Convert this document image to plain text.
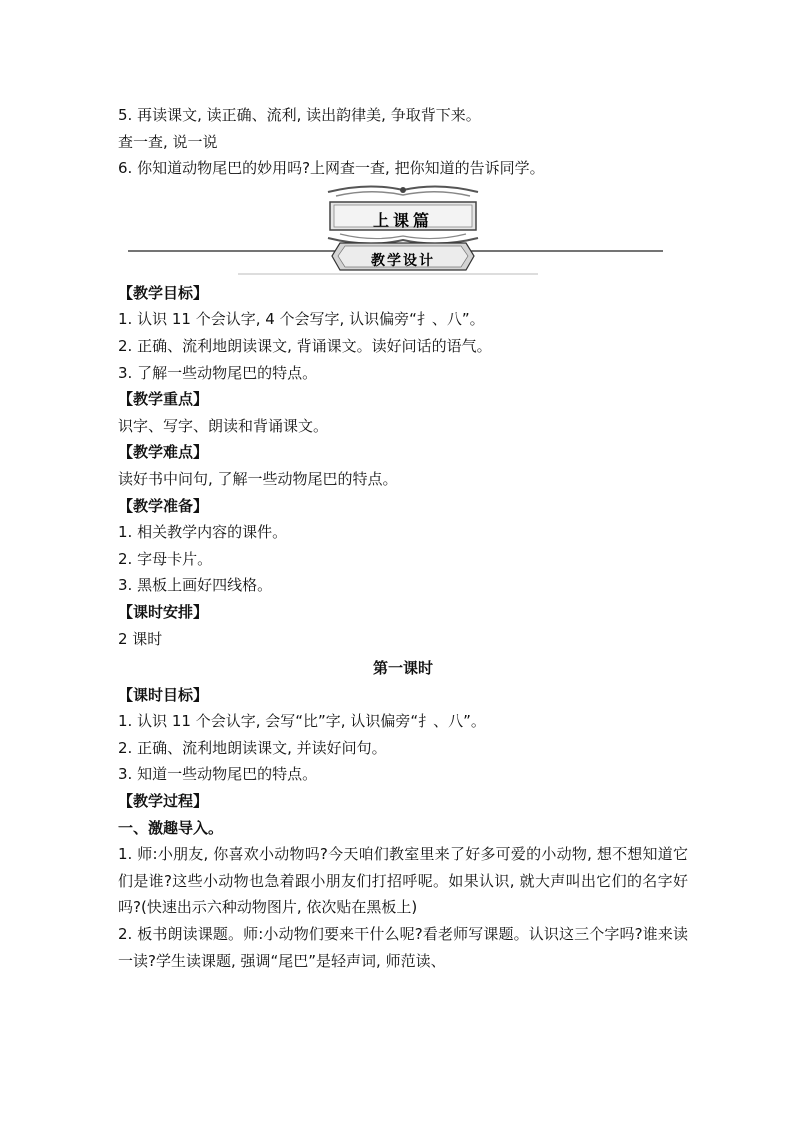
5. 再读课文, 读正确、流利, 读出韵律美, 争取背下来。

查一查, 说一说

6. 你知道动物尾巴的妙用吗?上网查一查, 把你知道的告诉同学。

上课篇
教学设计

【教学目标】

1. 认识 11 个会认字, 4 个会写字, 认识偏旁“扌、八”。

2. 正确、流利地朗读课文, 背诵课文。读好问话的语气。

3. 了解一些动物尾巴的特点。

【教学重点】

识字、写字、朗读和背诵课文。

【教学难点】

读好书中问句, 了解一些动物尾巴的特点。

【教学准备】

1. 相关教学内容的课件。

2. 字母卡片。

3. 黑板上画好四线格。

【课时安排】

2 课时

第一课时

【课时目标】

1. 认识 11 个会认字, 会写“比”字, 认识偏旁“扌、八”。

2. 正确、流利地朗读课文, 并读好问句。

3. 知道一些动物尾巴的特点。

【教学过程】

一、激趣导入。

1. 师:小朋友, 你喜欢小动物吗?今天咱们教室里来了好多可爱的小动物, 想不想知道它们是谁?这些小动物也急着跟小朋友们打招呼呢。如果认识, 就大声叫出它们的名字好吗?(快速出示六种动物图片, 依次贴在黑板上)

2. 板书朗读课题。师:小动物们要来干什么呢?看老师写课题。认识这三个字吗?谁来读一读?学生读课题, 强调“尾巴”是轻声词, 师范读、
